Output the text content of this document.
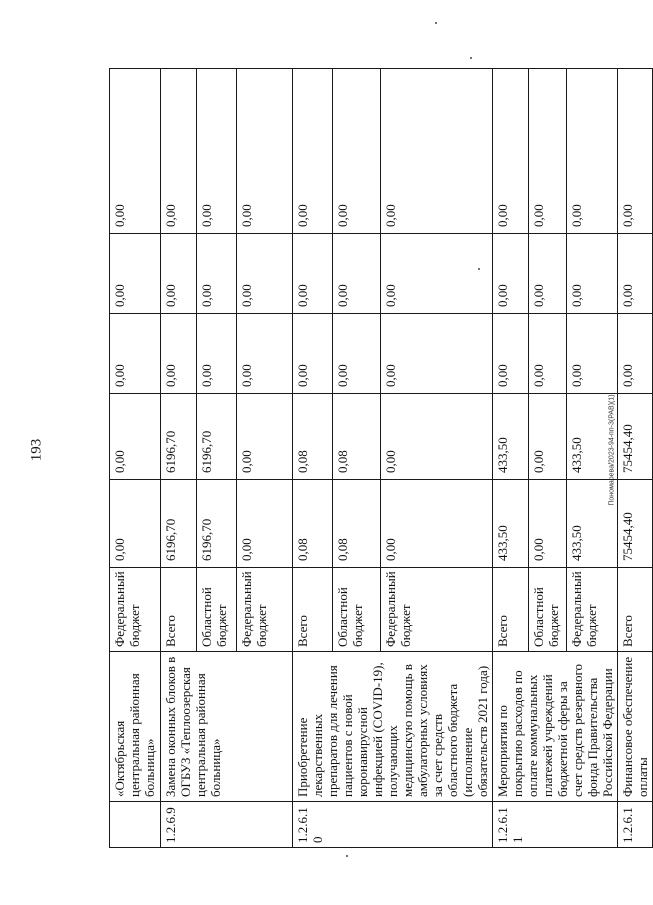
193	Пономарева/2023-94-пп-3(РАВ)(1)
	«Октябрьская центральная районная больница»	Федеральный бюджет	0,00	0,00	0,00	0,00	0,00
1.2.6.9	Замена оконных блоков в ОГБУЗ «Теплоозерская центральная районная больница»	Всего	6196,70	6196,70	0,00	0,00	0,00
		Областной бюджет	6196,70	6196,70	0,00	0,00	0,00
		Федеральный бюджет	0,00	0,00	0,00	0,00	0,00
1.2.6.1 0	Приобретение лекарственных препаратов для лечения пациентов с новой коронавирусной инфекцией (COVID-19), получающих медицинскую помощь в амбулаторных условиях за счет средств областного бюджета (исполнение обязательств 2021 года)	Всего	0,08	0,08	0,00	0,00	0,00
		Областной бюджет	0,08	0,08	0,00	0,00	0,00
		Федеральный бюджет	0,00	0,00	0,00	0,00	0,00
1.2.6.1 1	Мероприятия по покрытию расходов по оплате коммунальных платежей учреждений бюджетной сферы за счет средств резервного фонда Правительства Российской Федерации	Всего	433,50	433,50	0,00	0,00	0,00
		Областной бюджет	0,00	0,00	0,00	0,00	0,00
		Федеральный бюджет	433,50	433,50	0,00	0,00	0,00
1.2.6.1	Финансовое обеспечение оплаты	Всего	75454,40	75454,40	0,00	0,00	0,00
